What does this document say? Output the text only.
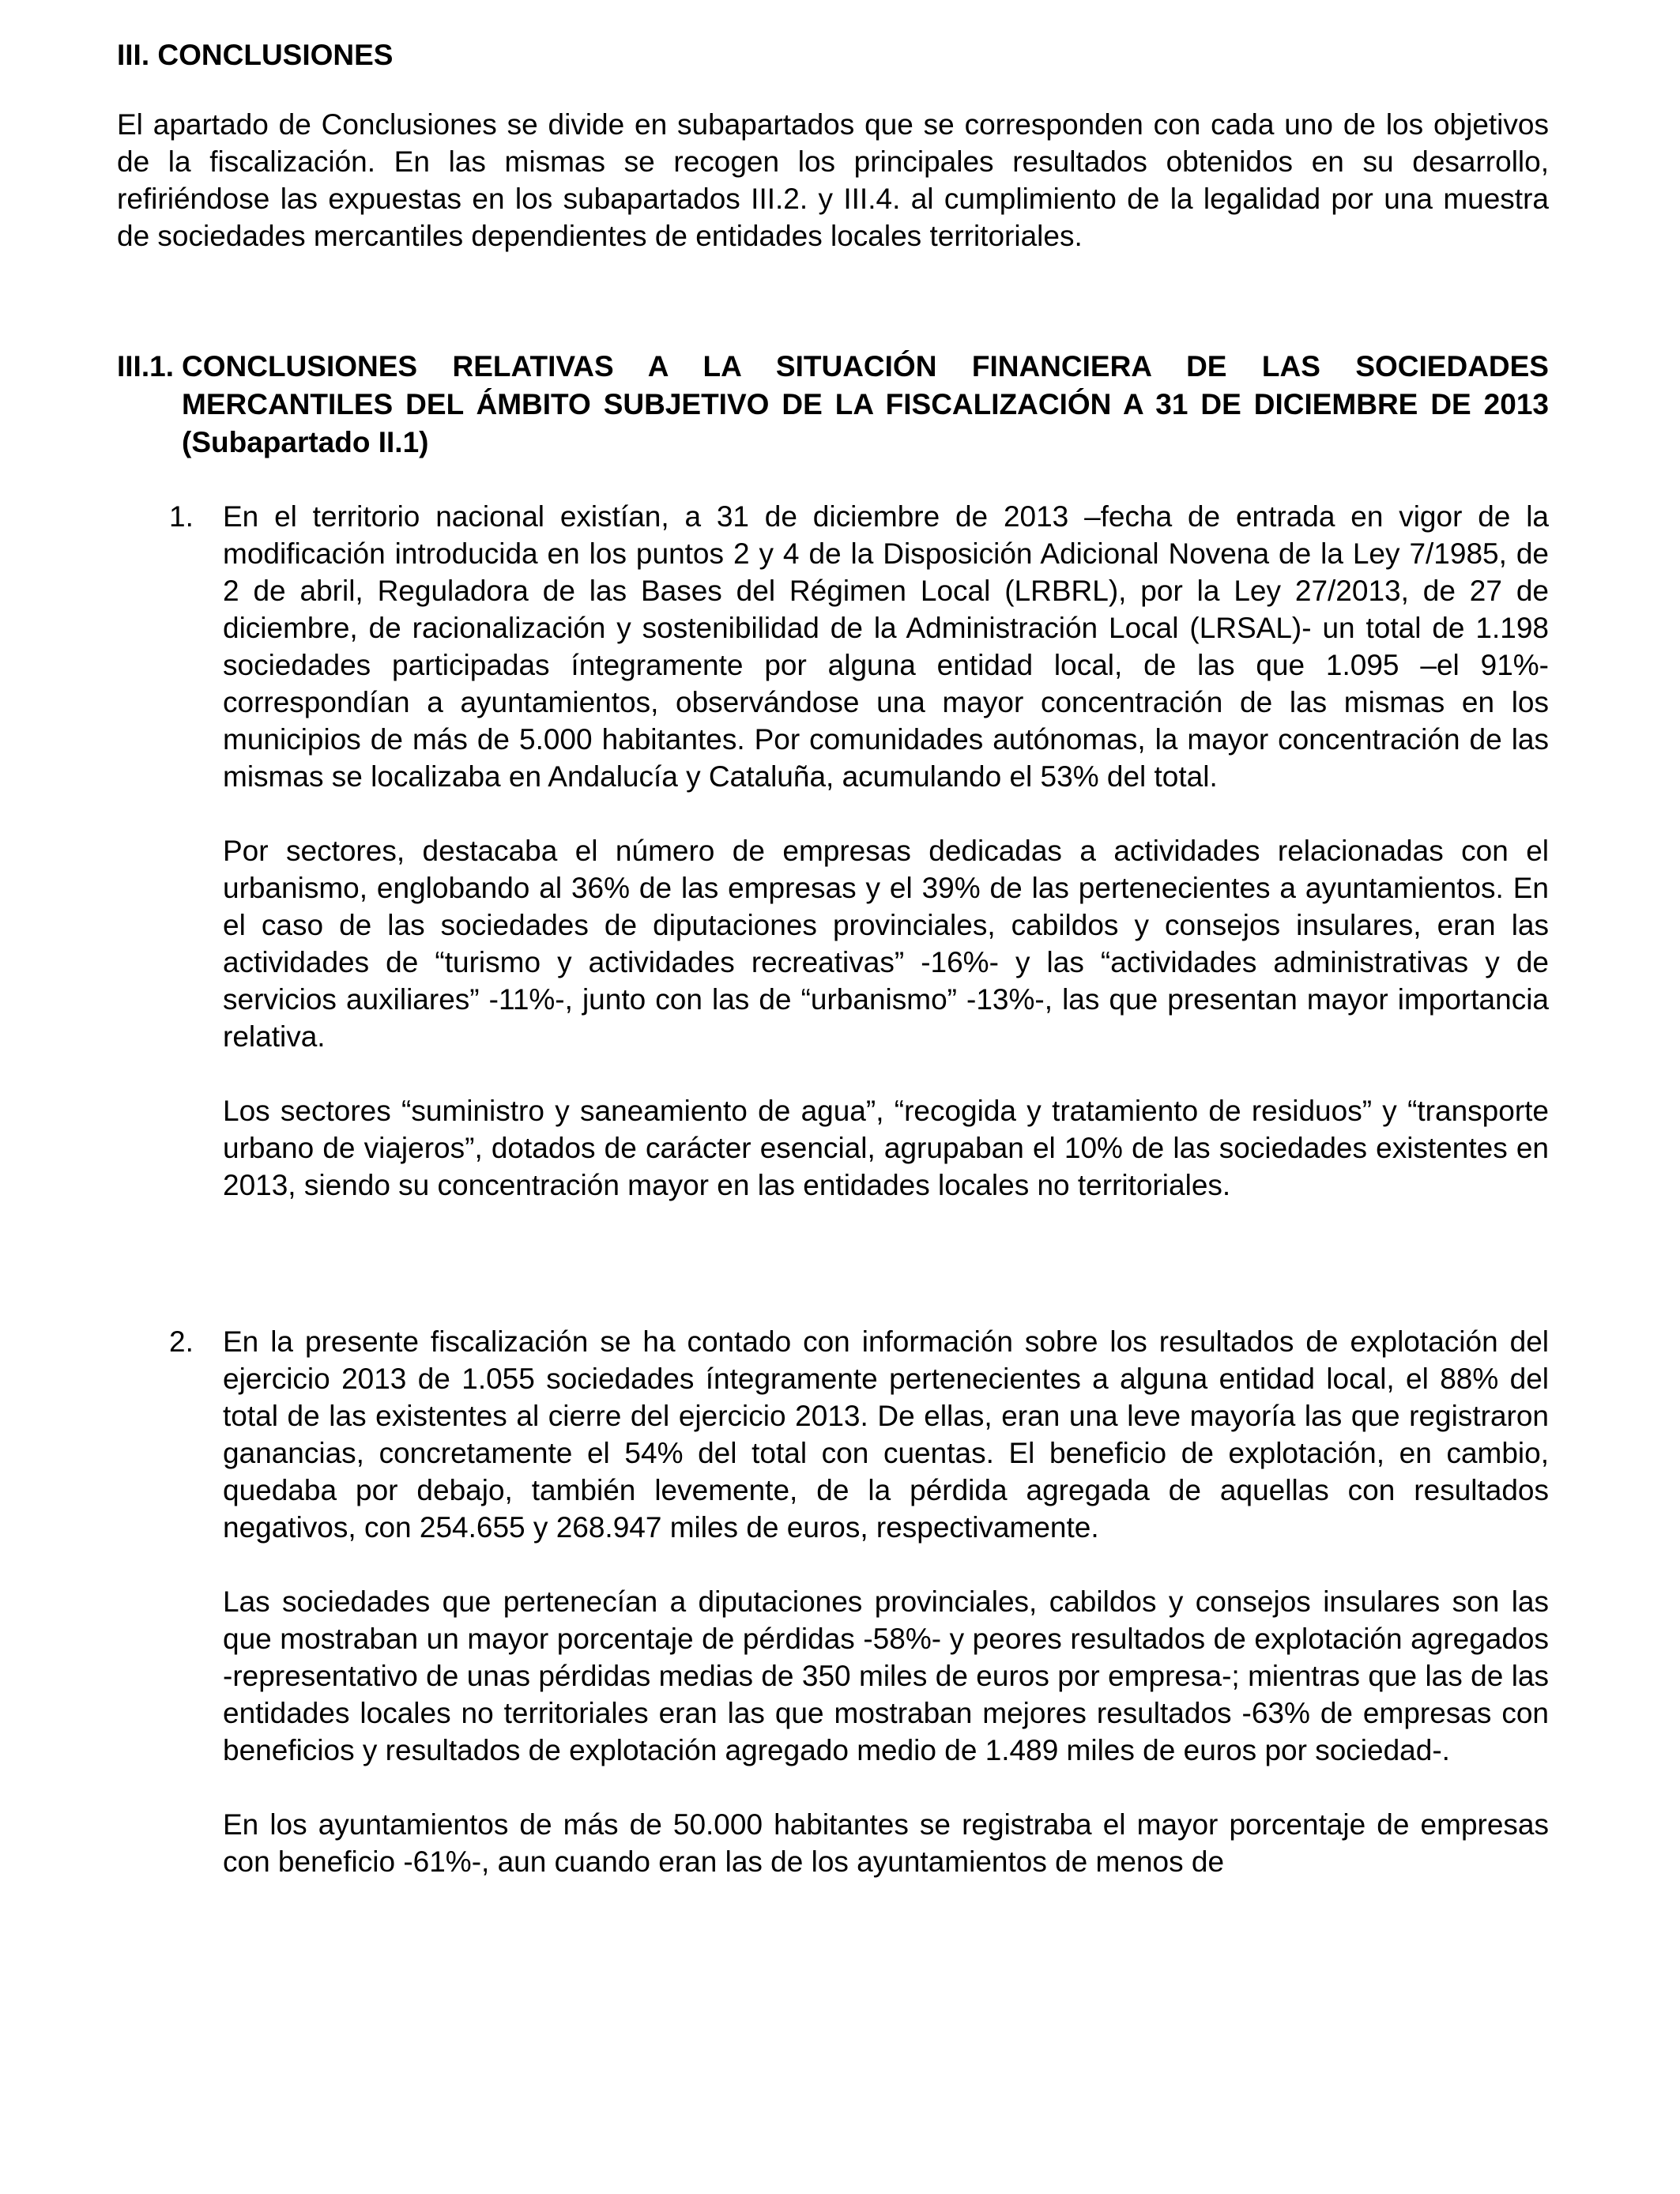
III. CONCLUSIONES

El apartado de Conclusiones se divide en subapartados que se corresponden con cada uno de los objetivos de la fiscalización. En las mismas se recogen los principales resultados obtenidos en su desarrollo, refiriéndose las expuestas en los subapartados III.2. y III.4. al cumplimiento de la legalidad por una muestra de sociedades mercantiles dependientes de entidades locales territoriales.

III.1. CONCLUSIONES RELATIVAS A LA SITUACIÓN FINANCIERA DE LAS SOCIEDADES MERCANTILES DEL ÁMBITO SUBJETIVO DE LA FISCALIZACIÓN A 31 DE DICIEMBRE DE 2013 (Subapartado II.1)
1. En el territorio nacional existían, a 31 de diciembre de 2013 –fecha de entrada en vigor de la modificación introducida en los puntos 2 y 4 de la Disposición Adicional Novena de la Ley 7/1985, de 2 de abril, Reguladora de las Bases del Régimen Local (LRBRL), por la Ley 27/2013, de 27 de diciembre, de racionalización y sostenibilidad de la Administración Local (LRSAL)- un total de 1.198 sociedades participadas íntegramente por alguna entidad local, de las que 1.095 –el 91%- correspondían a ayuntamientos, observándose una mayor concentración de las mismas en los municipios de más de 5.000 habitantes. Por comunidades autónomas, la mayor concentración de las mismas se localizaba en Andalucía y Cataluña, acumulando el 53% del total.

Por sectores, destacaba el número de empresas dedicadas a actividades relacionadas con el urbanismo, englobando al 36% de las empresas y el 39% de las pertenecientes a ayuntamientos. En el caso de las sociedades de diputaciones provinciales, cabildos y consejos insulares, eran las actividades de “turismo y actividades recreativas” -16%- y las “actividades administrativas y de servicios auxiliares” -11%-, junto con las de “urbanismo” -13%-, las que presentan mayor importancia relativa.

Los sectores “suministro y saneamiento de agua”, “recogida y tratamiento de residuos” y “transporte urbano de viajeros”, dotados de carácter esencial, agrupaban el 10% de las sociedades existentes en 2013, siendo su concentración mayor en las entidades locales no territoriales.

2. En la presente fiscalización se ha contado con información sobre los resultados de explotación del ejercicio 2013 de 1.055 sociedades íntegramente pertenecientes a alguna entidad local, el 88% del total de las existentes al cierre del ejercicio 2013. De ellas, eran una leve mayoría las que registraron ganancias, concretamente el 54% del total con cuentas. El beneficio de explotación, en cambio, quedaba por debajo, también levemente, de la pérdida agregada de aquellas con resultados negativos, con 254.655 y 268.947 miles de euros, respectivamente.

Las sociedades que pertenecían a diputaciones provinciales, cabildos y consejos insulares son las que mostraban un mayor porcentaje de pérdidas -58%- y peores resultados de explotación agregados -representativo de unas pérdidas medias de 350 miles de euros por empresa-; mientras que las de las entidades locales no territoriales eran las que mostraban mejores resultados -63% de empresas con beneficios y resultados de explotación agregado medio de 1.489 miles de euros por sociedad-.

En los ayuntamientos de más de 50.000 habitantes se registraba el mayor porcentaje de empresas con beneficio -61%-, aun cuando eran las de los ayuntamientos de menos de
